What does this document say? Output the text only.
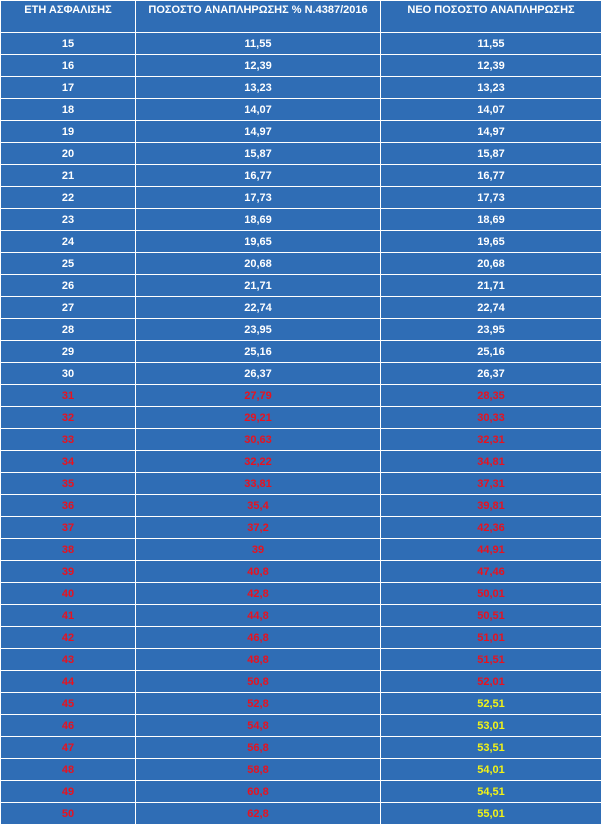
ΕΤΗ ΑΣΦΑΛΙΣΗΣ	ΠΟΣΟΣΤΟ ΑΝΑΠΛΗΡΩΣΗΣ % Ν.4387/2016	ΝΕΟ ΠΟΣΟΣΤΟ ΑΝΑΠΛΗΡΩΣΗΣ
15	11,55	11,55
16	12,39	12,39
17	13,23	13,23
18	14,07	14,07
19	14,97	14,97
20	15,87	15,87
21	16,77	16,77
22	17,73	17,73
23	18,69	18,69
24	19,65	19,65
25	20,68	20,68
26	21,71	21,71
27	22,74	22,74
28	23,95	23,95
29	25,16	25,16
30	26,37	26,37
31	27,79	28,35
32	29,21	30,33
33	30,63	32,31
34	32,22	34,81
35	33,81	37,31
36	35,4	39,81
37	37,2	42,36
38	39	44,91
39	40,8	47,46
40	42,8	50,01
41	44,8	50,51
42	46,8	51,01
43	48,8	51,51
44	50,8	52,01
45	52,8	52,51
46	54,8	53,01
47	56,8	53,51
48	58,8	54,01
49	60,8	54,51
50	62,8	55,01
